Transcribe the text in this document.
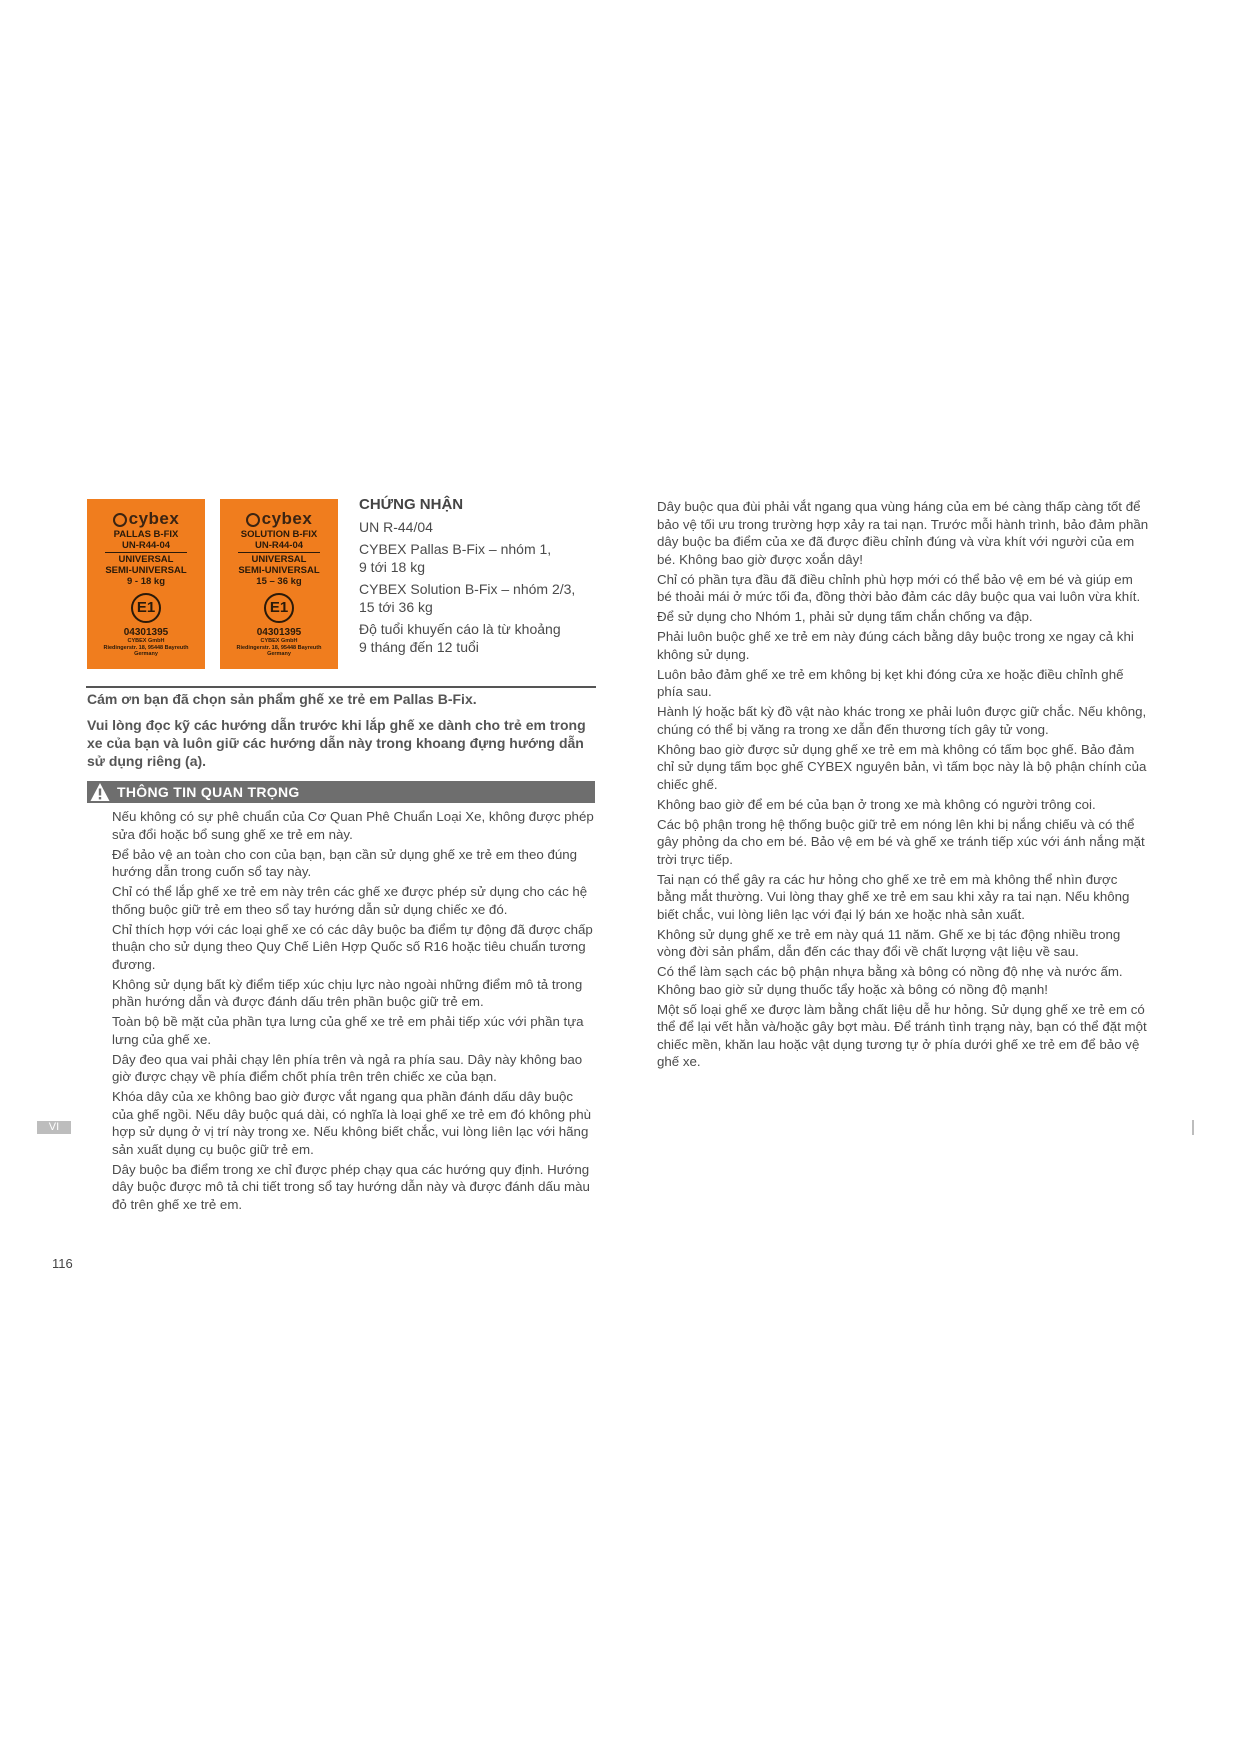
cybex
PALLAS B-FIX
UN-R44-04
UNIVERSAL
SEMI-UNIVERSAL
9 - 18 kg
E1
04301395
CYBEX GmbH
Riedingerstr. 18, 95448 Bayreuth
Germany
cybex
SOLUTION B-FIX
UN-R44-04
UNIVERSAL
SEMI-UNIVERSAL
15 – 36 kg
E1
04301395
CYBEX GmbH
Riedingerstr. 18, 95448 Bayreuth
Germany
CHỨNG NHẬN
UN R-44/04
CYBEX Pallas B-Fix – nhóm 1,
9 tới 18 kg
CYBEX Solution B-Fix – nhóm 2/3,
15 tới 36 kg
Độ tuổi khuyến cáo là từ khoảng
9 tháng đến 12 tuổi
Cám ơn bạn đã chọn sản phẩm ghế xe trẻ em Pallas B-Fix.
Vui lòng đọc kỹ các hướng dẫn trước khi lắp ghế xe dành cho trẻ em trong xe của bạn và luôn giữ các hướng dẫn này trong khoang đựng hướng dẫn sử dụng riêng (a).
THÔNG TIN QUAN TRỌNG

Nếu không có sự phê chuẩn của Cơ Quan Phê Chuẩn Loại Xe, không được phép sửa đổi hoặc bổ sung ghế xe trẻ em này.

Để bảo vệ an toàn cho con của bạn, bạn cần sử dụng ghế xe trẻ em theo đúng hướng dẫn trong cuốn sổ tay này.

Chỉ có thể lắp ghế xe trẻ em này trên các ghế xe được phép sử dụng cho các hệ thống buộc giữ trẻ em theo sổ tay hướng dẫn sử dụng chiếc xe đó.

Chỉ thích hợp với các loại ghế xe có các dây buộc ba điểm tự động đã được chấp thuận cho sử dụng theo Quy Chế Liên Hợp Quốc số R16 hoặc tiêu chuẩn tương đương.

Không sử dụng bất kỳ điểm tiếp xúc chịu lực nào ngoài những điểm mô tả trong phần hướng dẫn và được đánh dấu trên phần buộc giữ trẻ em.

Toàn bộ bề mặt của phần tựa lưng của ghế xe trẻ em phải tiếp xúc với phần tựa lưng của ghế xe.

Dây đeo qua vai phải chạy lên phía trên và ngả ra phía sau. Dây này không bao giờ được chạy về phía điểm chốt phía trên trên chiếc xe của bạn.

Khóa dây của xe không bao giờ được vắt ngang qua phần đánh dấu dây buộc của ghế ngồi. Nếu dây buộc quá dài, có nghĩa là loại ghế xe trẻ em đó không phù hợp sử dụng ở vị trí này trong xe. Nếu không biết chắc, vui lòng liên lạc với hãng sản xuất dụng cụ buộc giữ trẻ em.

Dây buộc ba điểm trong xe chỉ được phép chạy qua các hướng quy định. Hướng dây buộc được mô tả chi tiết trong sổ tay hướng dẫn này và được đánh dấu màu đỏ trên ghế xe trẻ em.

Dây buộc qua đùi phải vắt ngang qua vùng háng của em bé càng thấp càng tốt để bảo vệ tối ưu trong trường hợp xảy ra tai nạn. Trước mỗi hành trình, bảo đảm phần dây buộc ba điểm của xe đã được điều chỉnh đúng và vừa khít với người của em bé. Không bao giờ được xoắn dây!

Chỉ có phần tựa đầu đã điều chỉnh phù hợp mới có thể bảo vệ em bé và giúp em bé thoải mái ở mức tối đa, đồng thời bảo đảm các dây buộc qua vai luôn vừa khít.

Để sử dụng cho Nhóm 1, phải sử dụng tấm chắn chống va đập.

Phải luôn buộc ghế xe trẻ em này đúng cách bằng dây buộc trong xe ngay cả khi không sử dụng.

Luôn bảo đảm ghế xe trẻ em không bị kẹt khi đóng cửa xe hoặc điều chỉnh ghế phía sau.

Hành lý hoặc bất kỳ đồ vật nào khác trong xe phải luôn được giữ chắc. Nếu không, chúng có thể bị văng ra trong xe dẫn đến thương tích gây tử vong.

Không bao giờ được sử dụng ghế xe trẻ em mà không có tấm bọc ghế. Bảo đảm chỉ sử dụng tấm bọc ghế CYBEX nguyên bản, vì tấm bọc này là bộ phận chính của chiếc ghế.

Không bao giờ để em bé của bạn ở trong xe mà không có người trông coi.

Các bộ phận trong hệ thống buộc giữ trẻ em nóng lên khi bị nắng chiếu và có thể gây phỏng da cho em bé. Bảo vệ em bé và ghế xe tránh tiếp xúc với ánh nắng mặt trời trực tiếp.

Tai nạn có thể gây ra các hư hỏng cho ghế xe trẻ em mà không thể nhìn được bằng mắt thường. Vui lòng thay ghế xe trẻ em sau khi xảy ra tai nạn. Nếu không biết chắc, vui lòng liên lạc với đại lý bán xe hoặc nhà sản xuất.

Không sử dụng ghế xe trẻ em này quá 11 năm. Ghế xe bị tác động nhiều trong vòng đời sản phẩm, dẫn đến các thay đổi về chất lượng vật liệu về sau.

Có thể làm sạch các bộ phận nhựa bằng xà bông có nồng độ nhẹ và nước ấm. Không bao giờ sử dụng thuốc tẩy hoặc xà bông có nồng độ mạnh!

Một số loại ghế xe được làm bằng chất liệu dễ hư hỏng. Sử dụng ghế xe trẻ em có thể để lại vết hằn và/hoặc gây bợt màu. Để tránh tình trạng này, bạn có thể đặt một chiếc mền, khăn lau hoặc vật dụng tương tự ở phía dưới ghế xe trẻ em để bảo vệ ghế xe.

VI
116
